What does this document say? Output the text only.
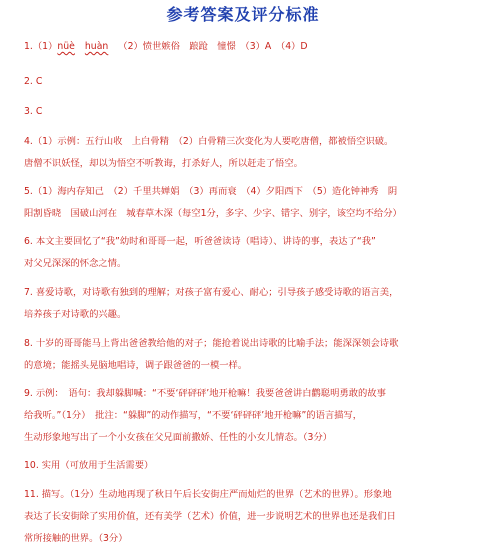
参考答案及评分标准
1.（1）nüè huàn （2）愤世嫉俗　踉跄　憧憬　（3）A　（4）D
2. C
3. C
4.（1）示例：五行山收　上白骨精　（2）白骨精三次变化为人要吃唐僧，都被悟空识破。
唐僧不识妖怪，却以为悟空不听教诲，打杀好人，所以赶走了悟空。
5.（1）海内存知己　（2）千里共婵娟　（3）再而衰　（4）夕阳西下　（5）造化钟神秀　阴
阳割昏晓　国破山河在　城春草木深（每空1分，多字、少字、错字、别字，该空均不给分）
6. 本文主要回忆了“我”幼时和哥哥一起，听爸爸读诗（唱诗）、讲诗的事，表达了“我”
对父兄深深的怀念之情。
7. 喜爱诗歌，对诗歌有独到的理解；对孩子富有爱心、耐心；引导孩子感受诗歌的语言美，
培养孩子对诗歌的兴趣。
8. 十岁的哥哥能马上背出爸爸教给他的对子；能抢着说出诗歌的比喻手法；能深深领会诗歌
的意境；能摇头晃脑地唱诗，调子跟爸爸的一模一样。
9. 示例：　语句：我却躲脚喊：“不要‘砰砰砰’地开枪嘛！我要爸爸讲白鹳聪明勇敢的故事
给我听。”（1分）　批注：“躲脚”的动作描写，“不要‘砰砰砰’地开枪嘛”的语言描写，
生动形象地写出了一个小女孩在父兄面前撒娇、任性的小女儿情态。（3分）
10. 实用（可放用于生活需要）
11. 描写。（1分）生动地再现了秋日午后长安街庄严而灿烂的世界（艺术的世界）。形象地
表达了长安街除了实用价值，还有美学（艺术）价值，进一步说明艺术的世界也还是我们日
常所接触的世界。（3分）
